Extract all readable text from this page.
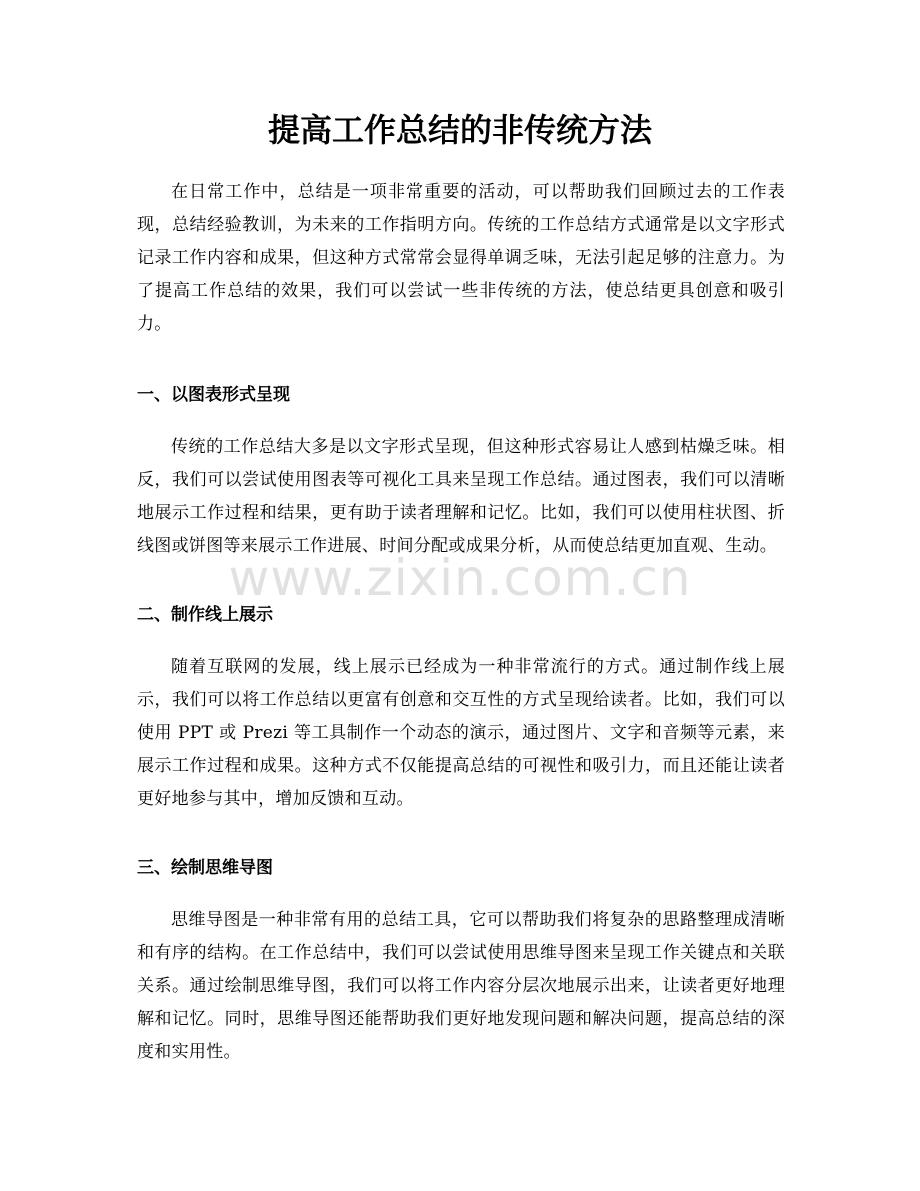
提高工作总结的非传统方法

在日常工作中，总结是一项非常重要的活动，可以帮助我们回顾过去的工作表现，总结经验教训，为未来的工作指明方向。传统的工作总结方式通常是以文字形式记录工作内容和成果，但这种方式常常会显得单调乏味，无法引起足够的注意力。为了提高工作总结的效果，我们可以尝试一些非传统的方法，使总结更具创意和吸引力。

一、以图表形式呈现

传统的工作总结大多是以文字形式呈现，但这种形式容易让人感到枯燥乏味。相反，我们可以尝试使用图表等可视化工具来呈现工作总结。通过图表，我们可以清晰地展示工作过程和结果，更有助于读者理解和记忆。比如，我们可以使用柱状图、折线图或饼图等来展示工作进展、时间分配或成果分析，从而使总结更加直观、生动。

二、制作线上展示

随着互联网的发展，线上展示已经成为一种非常流行的方式。通过制作线上展示，我们可以将工作总结以更富有创意和交互性的方式呈现给读者。比如，我们可以使用 PPT 或 Prezi 等工具制作一个动态的演示，通过图片、文字和音频等元素，来展示工作过程和成果。这种方式不仅能提高总结的可视性和吸引力，而且还能让读者更好地参与其中，增加反馈和互动。

三、绘制思维导图

思维导图是一种非常有用的总结工具，它可以帮助我们将复杂的思路整理成清晰和有序的结构。在工作总结中，我们可以尝试使用思维导图来呈现工作关键点和关联关系。通过绘制思维导图，我们可以将工作内容分层次地展示出来，让读者更好地理解和记忆。同时，思维导图还能帮助我们更好地发现问题和解决问题，提高总结的深度和实用性。

www.zixin.com.cn
